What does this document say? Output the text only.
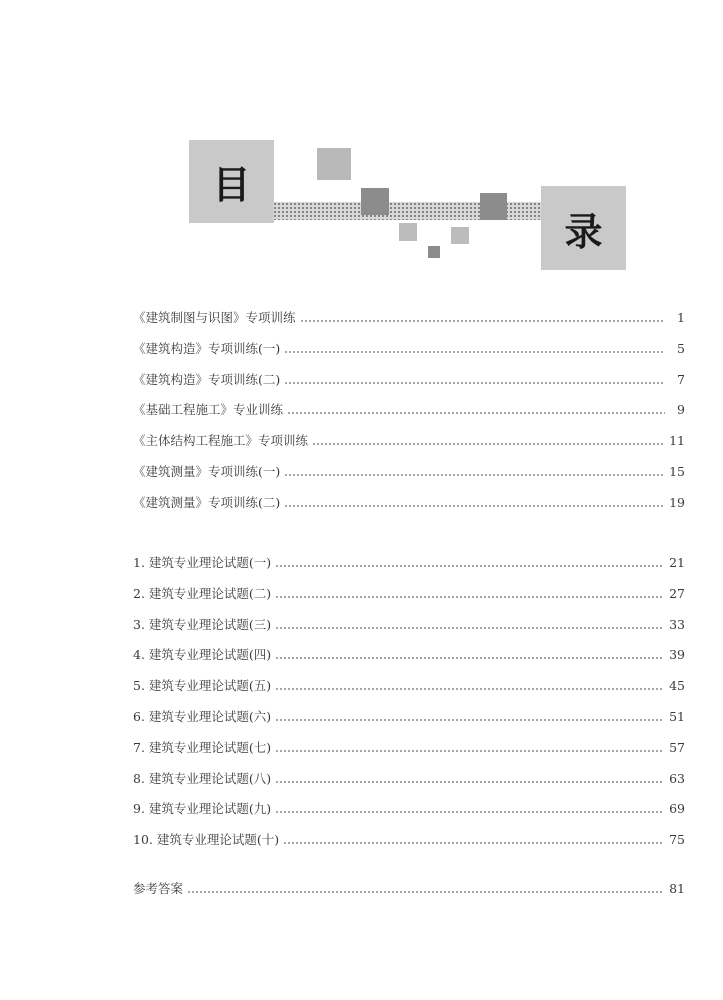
目
录
《建筑制图与识图》专项训练	1
《建筑构造》专项训练(一)	5
《建筑构造》专项训练(二)	7
《基础工程施工》专业训练	9
《主体结构工程施工》专项训练	11
《建筑测量》专项训练(一)	15
《建筑测量》专项训练(二)	19
1. 建筑专业理论试题(一)	21
2. 建筑专业理论试题(二)	27
3. 建筑专业理论试题(三)	33
4. 建筑专业理论试题(四)	39
5. 建筑专业理论试题(五)	45
6. 建筑专业理论试题(六)	51
7. 建筑专业理论试题(七)	57
8. 建筑专业理论试题(八)	63
9. 建筑专业理论试题(九)	69
10. 建筑专业理论试题(十)	75
参考答案	81
